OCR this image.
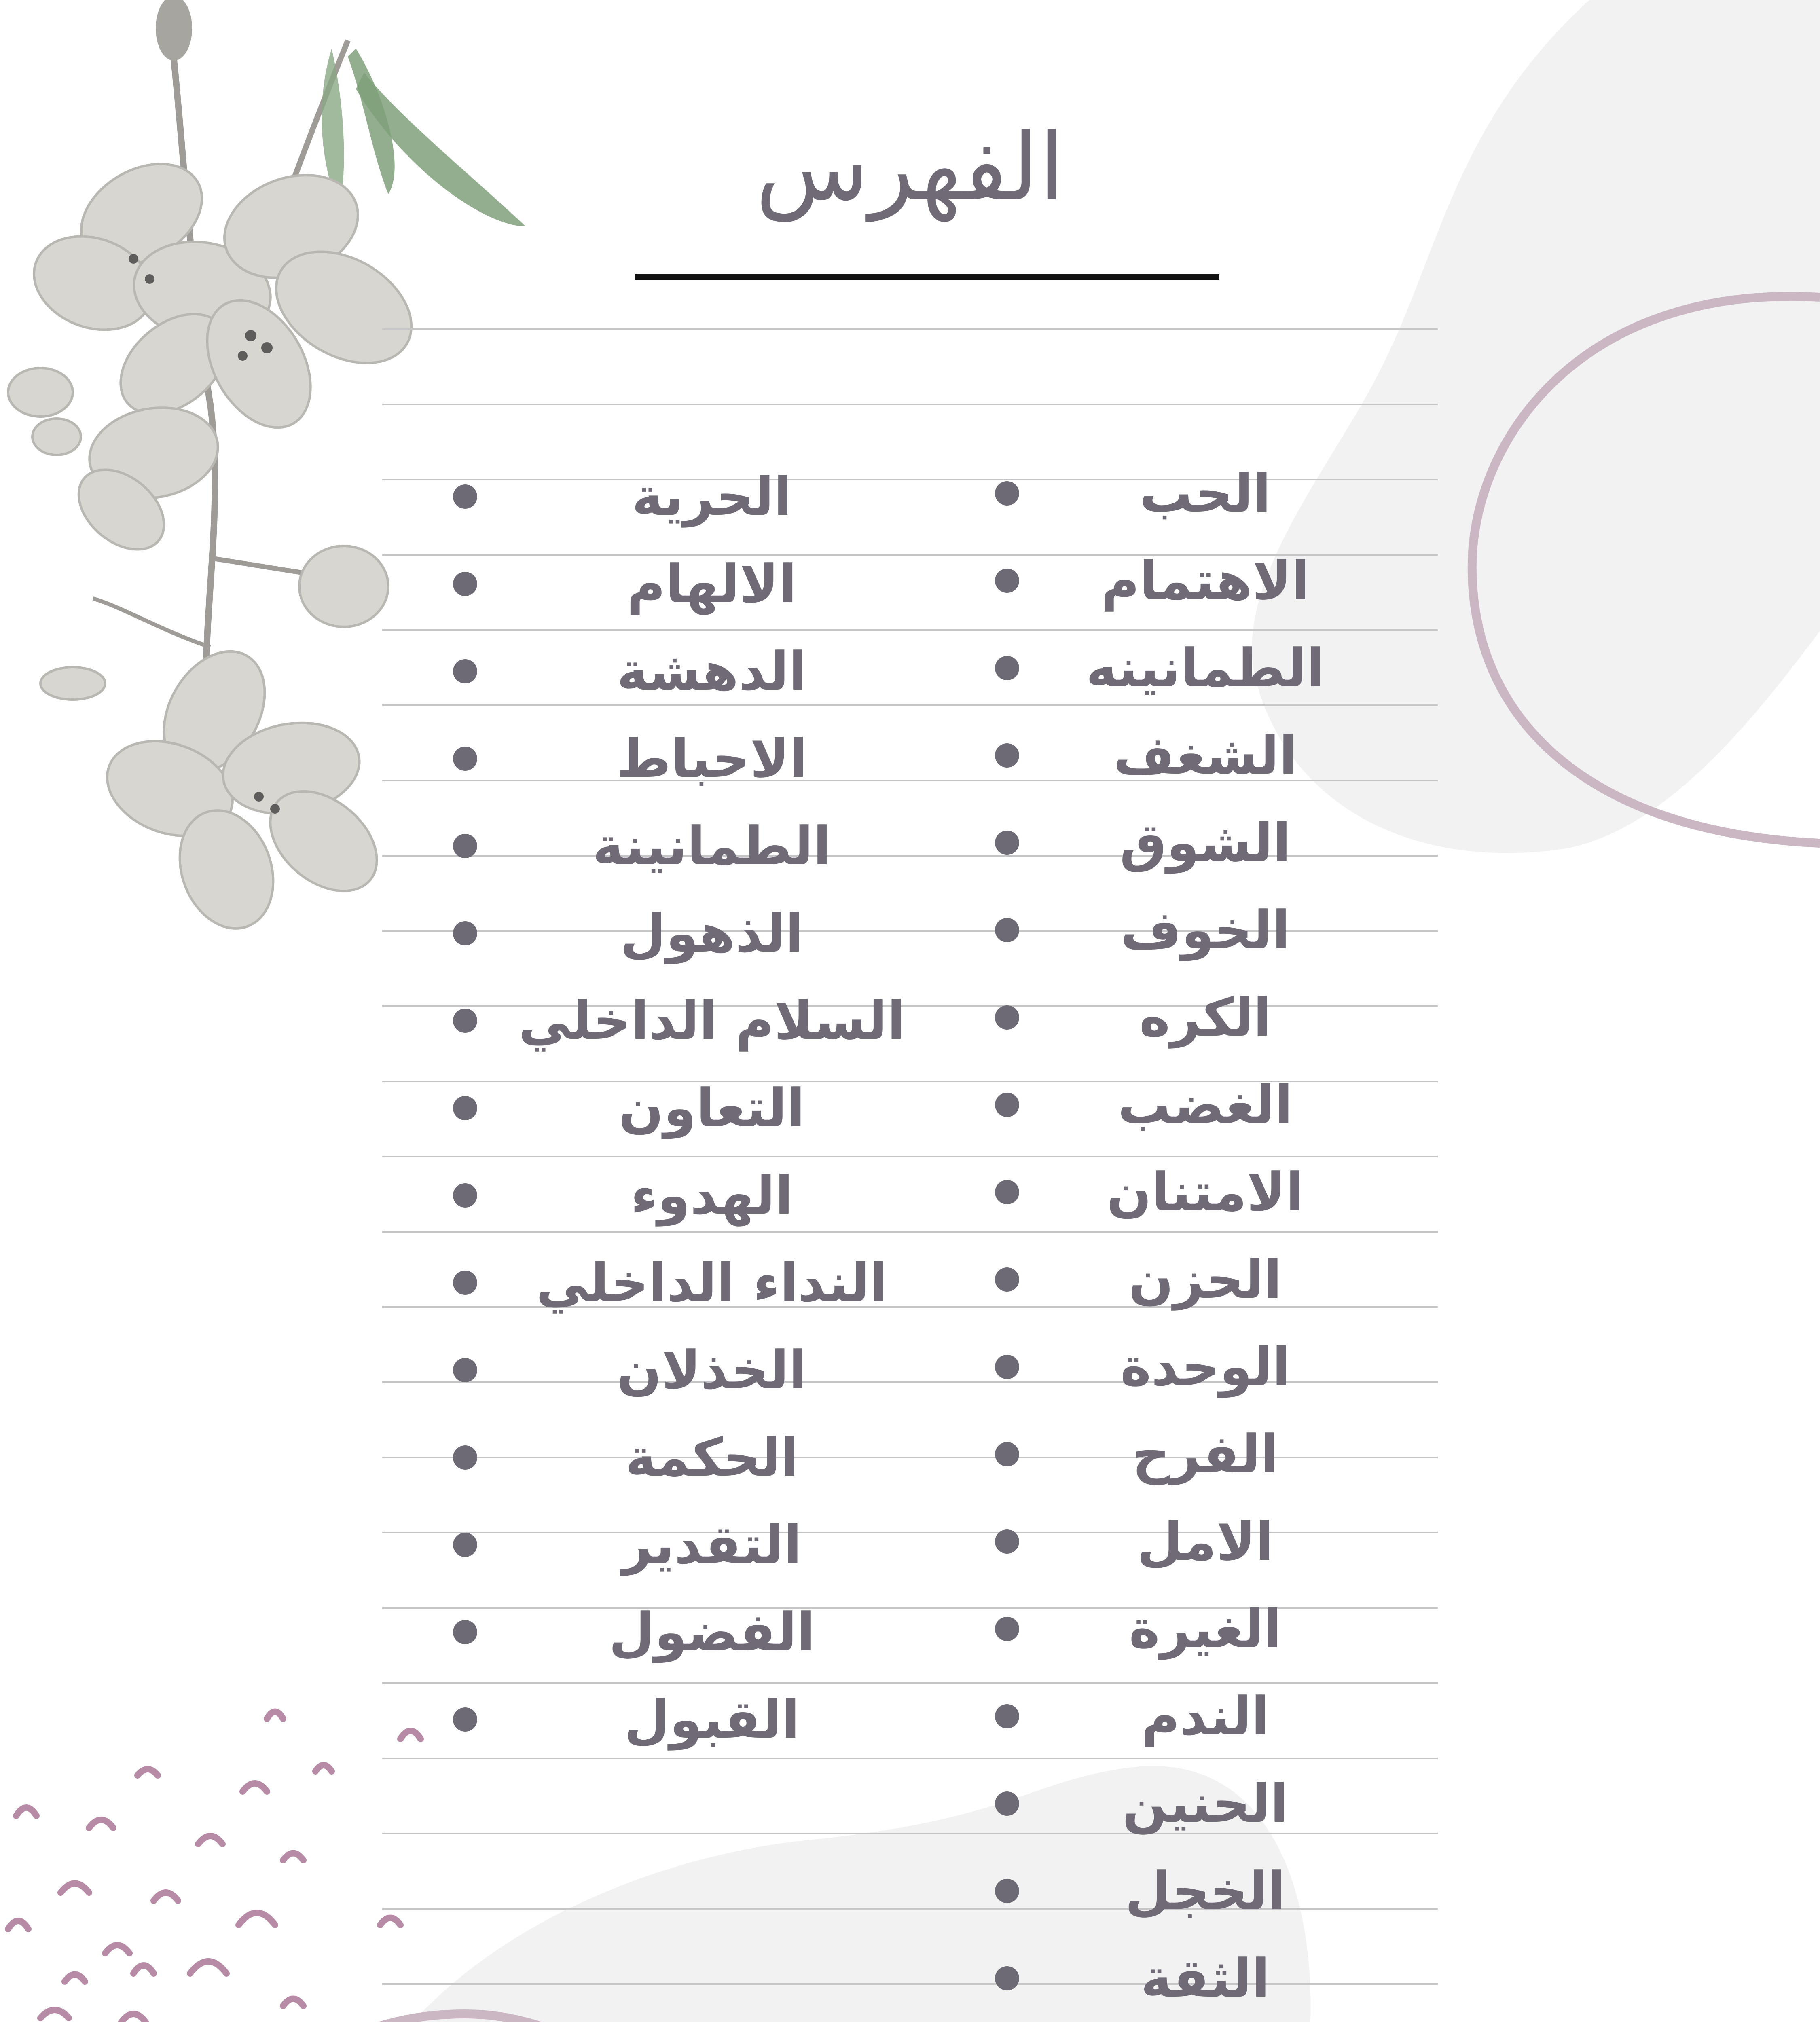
الفهرس
الحب
الاهتمام
الطمانينه
الشغف
الشوق
الخوف
الكره
الغضب
الامتنان
الحزن
الوحدة
الفرح
الامل
الغيرة
الندم
الحنين
الخجل
الثقة
الحرية
الالهام
الدهشة
الاحباط
الطمانينة
الذهول
السلام الداخلي
التعاون
الهدوء
النداء الداخلي
الخذلان
الحكمة
التقدير
الفضول
القبول
